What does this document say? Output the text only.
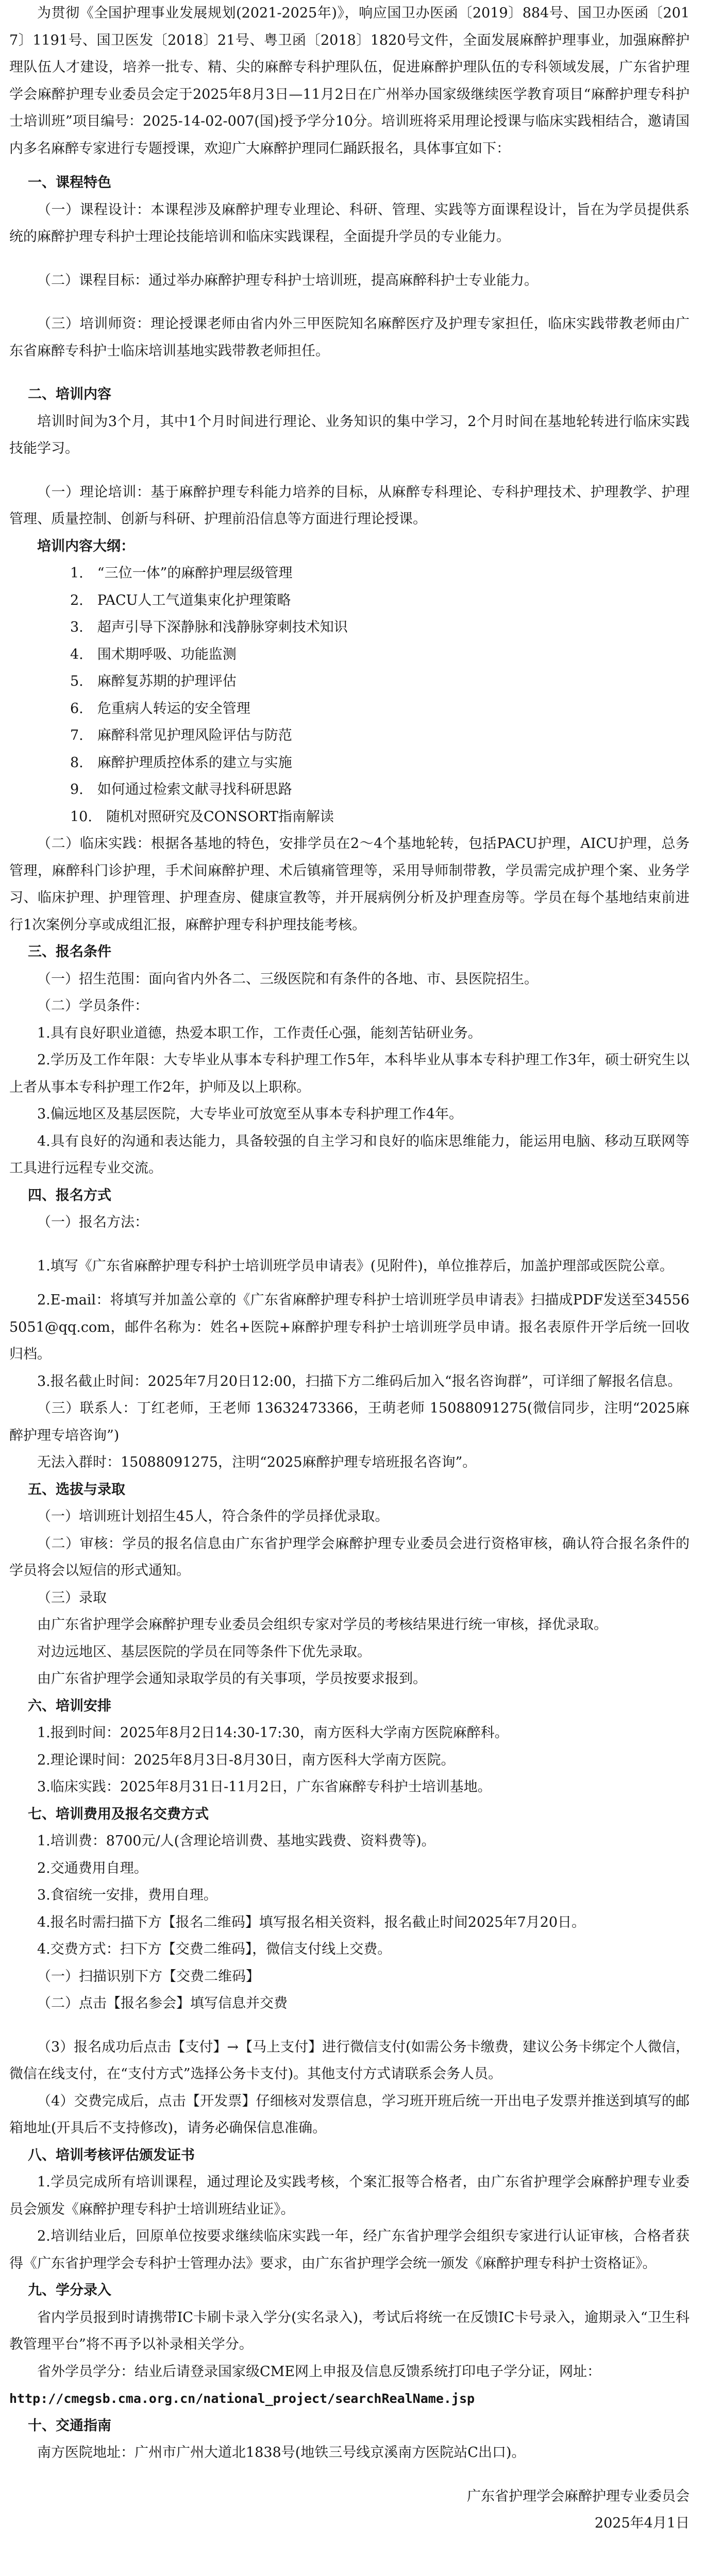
为贯彻《全国护理事业发展规划(2021-2025年)》，响应国卫办医函〔2019〕884号、国卫办医函〔2017〕1191号、国卫医发〔2018〕21号、粤卫函〔2018〕1820号文件，全面发展麻醉护理事业，加强麻醉护理队伍人才建设，培养一批专、精、尖的麻醉专科护理队伍，促进麻醉护理队伍的专科领域发展，广东省护理学会麻醉护理专业委员会定于2025年8月3日—11月2日在广州举办国家级继续医学教育项目“麻醉护理专科护士培训班”项目编号：2025-14-02-007(国)授予学分10分。培训班将采用理论授课与临床实践相结合，邀请国内多名麻醉专家进行专题授课，欢迎广大麻醉护理同仁踊跃报名，具体事宜如下：

一、课程特色

（一）课程设计：本课程涉及麻醉护理专业理论、科研、管理、实践等方面课程设计，旨在为学员提供系统的麻醉护理专科护士理论技能培训和临床实践课程，全面提升学员的专业能力。

（二）课程目标：通过举办麻醉护理专科护士培训班，提高麻醉科护士专业能力。

（三）培训师资：理论授课老师由省内外三甲医院知名麻醉医疗及护理专家担任，临床实践带教老师由广东省麻醉专科护士临床培训基地实践带教老师担任。

二、培训内容

培训时间为3个月，其中1个月时间进行理论、业务知识的集中学习，2个月时间在基地轮转进行临床实践技能学习。

（一）理论培训：基于麻醉护理专科能力培养的目标，从麻醉专科理论、专科护理技术、护理教学、护理管理、质量控制、创新与科研、护理前沿信息等方面进行理论授课。

培训内容大纲：

1.　“三位一体”的麻醉护理层级管理

2.　PACU人工气道集束化护理策略

3.　超声引导下深静脉和浅静脉穿刺技术知识

4.　围术期呼吸、功能监测

5.　麻醉复苏期的护理评估

6.　危重病人转运的安全管理

7.　麻醉科常见护理风险评估与防范

8.　麻醉护理质控体系的建立与实施

9.　如何通过检索文献寻找科研思路

10.　随机对照研究及CONSORT指南解读

（二）临床实践：根据各基地的特色，安排学员在2～4个基地轮转，包括PACU护理，AICU护理，总务管理，麻醉科门诊护理，手术间麻醉护理、术后镇痛管理等，采用导师制带教，学员需完成护理个案、业务学习、临床护理、护理管理、护理查房、健康宣教等，并开展病例分析及护理查房等。学员在每个基地结束前进行1次案例分享或成组汇报，麻醉护理专科护理技能考核。

三、报名条件

（一）招生范围：面向省内外各二、三级医院和有条件的各地、市、县医院招生。

（二）学员条件：

1.具有良好职业道德，热爱本职工作，工作责任心强，能刻苦钻研业务。

2.学历及工作年限：大专毕业从事本专科护理工作5年，本科毕业从事本专科护理工作3年，硕士研究生以上者从事本专科护理工作2年，护师及以上职称。

3.偏远地区及基层医院，大专毕业可放宽至从事本专科护理工作4年。

4.具有良好的沟通和表达能力，具备较强的自主学习和良好的临床思维能力，能运用电脑、移动互联网等工具进行远程专业交流。

四、报名方式

（一）报名方法：

1.填写《广东省麻醉护理专科护士培训班学员申请表》(见附件)，单位推荐后，加盖护理部或医院公章。

2.E-mail：将填写并加盖公章的《广东省麻醉护理专科护士培训班学员申请表》扫描成PDF发送至345565051@qq.com，邮件名称为：姓名+医院+麻醉护理专科护士培训班学员申请。报名表原件开学后统一回收归档。

3.报名截止时间：2025年7月20日12:00，扫描下方二维码后加入“报名咨询群”，可详细了解报名信息。

（三）联系人：丁红老师，王老师 13632473366，王萌老师 15088091275(微信同步，注明“2025麻醉护理专培咨询”)

无法入群时：15088091275，注明“2025麻醉护理专培班报名咨询”。

五、选拔与录取

（一）培训班计划招生45人，符合条件的学员择优录取。

（二）审核：学员的报名信息由广东省护理学会麻醉护理专业委员会进行资格审核，确认符合报名条件的学员将会以短信的形式通知。

（三）录取

由广东省护理学会麻醉护理专业委员会组织专家对学员的考核结果进行统一审核，择优录取。

对边远地区、基层医院的学员在同等条件下优先录取。

由广东省护理学会通知录取学员的有关事项，学员按要求报到。

六、培训安排

1.报到时间：2025年8月2日14:30-17:30，南方医科大学南方医院麻醉科。

2.理论课时间：2025年8月3日-8月30日，南方医科大学南方医院。

3.临床实践：2025年8月31日-11月2日，广东省麻醉专科护士培训基地。

七、培训费用及报名交费方式

1.培训费：8700元/人(含理论培训费、基地实践费、资料费等)。

2.交通费用自理。

3.食宿统一安排，费用自理。

4.报名时需扫描下方【报名二维码】填写报名相关资料，报名截止时间2025年7月20日。

4.交费方式：扫下方【交费二维码】，微信支付线上交费。

（一）扫描识别下方【交费二维码】

（二）点击【报名参会】填写信息并交费

（3）报名成功后点击【支付】→【马上支付】进行微信支付(如需公务卡缴费，建议公务卡绑定个人微信，微信在线支付，在“支付方式”选择公务卡支付)。其他支付方式请联系会务人员。

（4）交费完成后，点击【开发票】仔细核对发票信息，学习班开班后统一开出电子发票并推送到填写的邮箱地址(开具后不支持修改)，请务必确保信息准确。

八、培训考核评估颁发证书

1.学员完成所有培训课程，通过理论及实践考核，个案汇报等合格者，由广东省护理学会麻醉护理专业委员会颁发《麻醉护理专科护士培训班结业证》。

2.培训结业后，回原单位按要求继续临床实践一年，经广东省护理学会组织专家进行认证审核，合格者获得《广东省护理学会专科护士管理办法》要求，由广东省护理学会统一颁发《麻醉护理专科护士资格证》。

九、学分录入

省内学员报到时请携带IC卡刷卡录入学分(实名录入)，考试后将统一在反馈IC卡号录入，逾期录入“卫生科教管理平台”将不再予以补录相关学分。

省外学员学分：结业后请登录国家级CME网上申报及信息反馈系统打印电子学分证，网址：

http://cmegsb.cma.org.cn/national_project/searchRealName.jsp

十、交通指南

南方医院地址：广州市广州大道北1838号(地铁三号线京溪南方医院站C出口)。

广东省护理学会麻醉护理专业委员会

2025年4月1日
